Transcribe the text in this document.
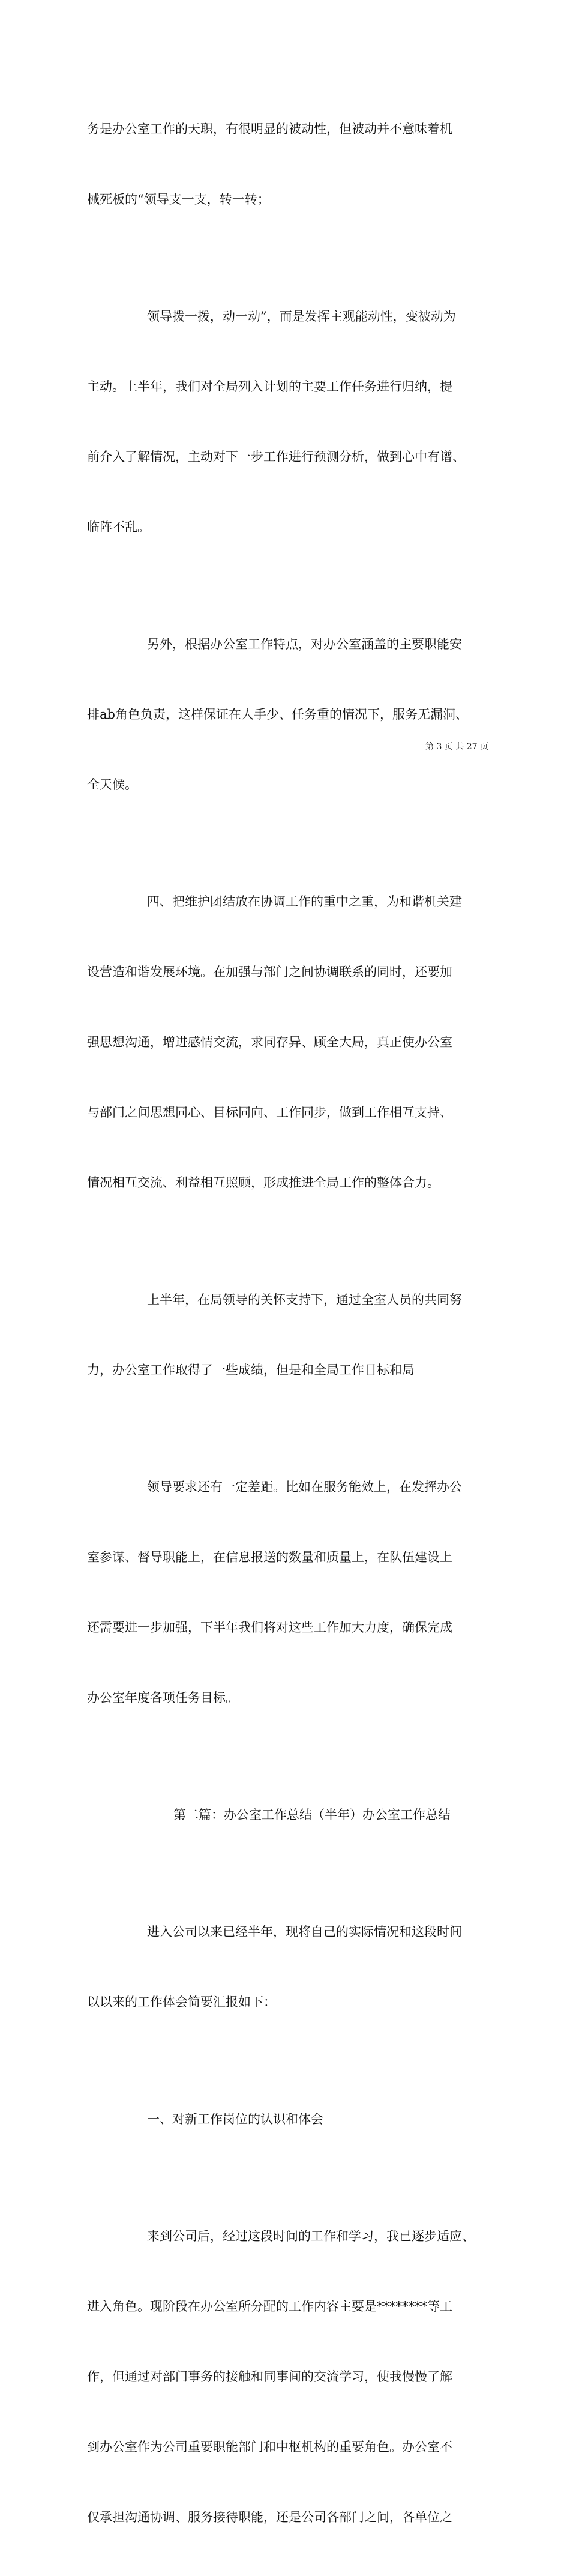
务是办公室工作的天职，有很明显的被动性，但被动并不意味着机

械死板的“领导支一支，转一转；

领导拨一拨，动一动”，而是发挥主观能动性，变被动为

主动。上半年，我们对全局列入计划的主要工作任务进行归纳，提

前介入了解情况，主动对下一步工作进行预测分析，做到心中有谱、

临阵不乱。

另外，根据办公室工作特点，对办公室涵盖的主要职能安

排ab角色负责，这样保证在人手少、任务重的情况下，服务无漏洞、

全天候。

四、把维护团结放在协调工作的重中之重，为和谐机关建

设营造和谐发展环境。在加强与部门之间协调联系的同时，还要加

强思想沟通，增进感情交流，求同存异、顾全大局，真正使办公室

与部门之间思想同心、目标同向、工作同步，做到工作相互支持、

情况相互交流、利益相互照顾，形成推进全局工作的整体合力。

上半年，在局领导的关怀支持下，通过全室人员的共同努

力，办公室工作取得了一些成绩，但是和全局工作目标和局

领导要求还有一定差距。比如在服务能效上，在发挥办公

室参谋、督导职能上，在信息报送的数量和质量上，在队伍建设上

还需要进一步加强，下半年我们将对这些工作加大力度，确保完成

办公室年度各项任务目标。

第二篇：办公室工作总结（半年）办公室工作总结

进入公司以来已经半年，现将自己的实际情况和这段时间

以以来的工作体会简要汇报如下：

一、对新工作岗位的认识和体会

来到公司后，经过这段时间的工作和学习，我已逐步适应、

进入角色。现阶段在办公室所分配的工作内容主要是********等工

作，但通过对部门事务的接触和同事间的交流学习，使我慢慢了解

到办公室作为公司重要职能部门和中枢机构的重要角色。办公室不

仅承担沟通协调、服务接待职能，还是公司各部门之间，各单位之

第 3 页 共 27 页
